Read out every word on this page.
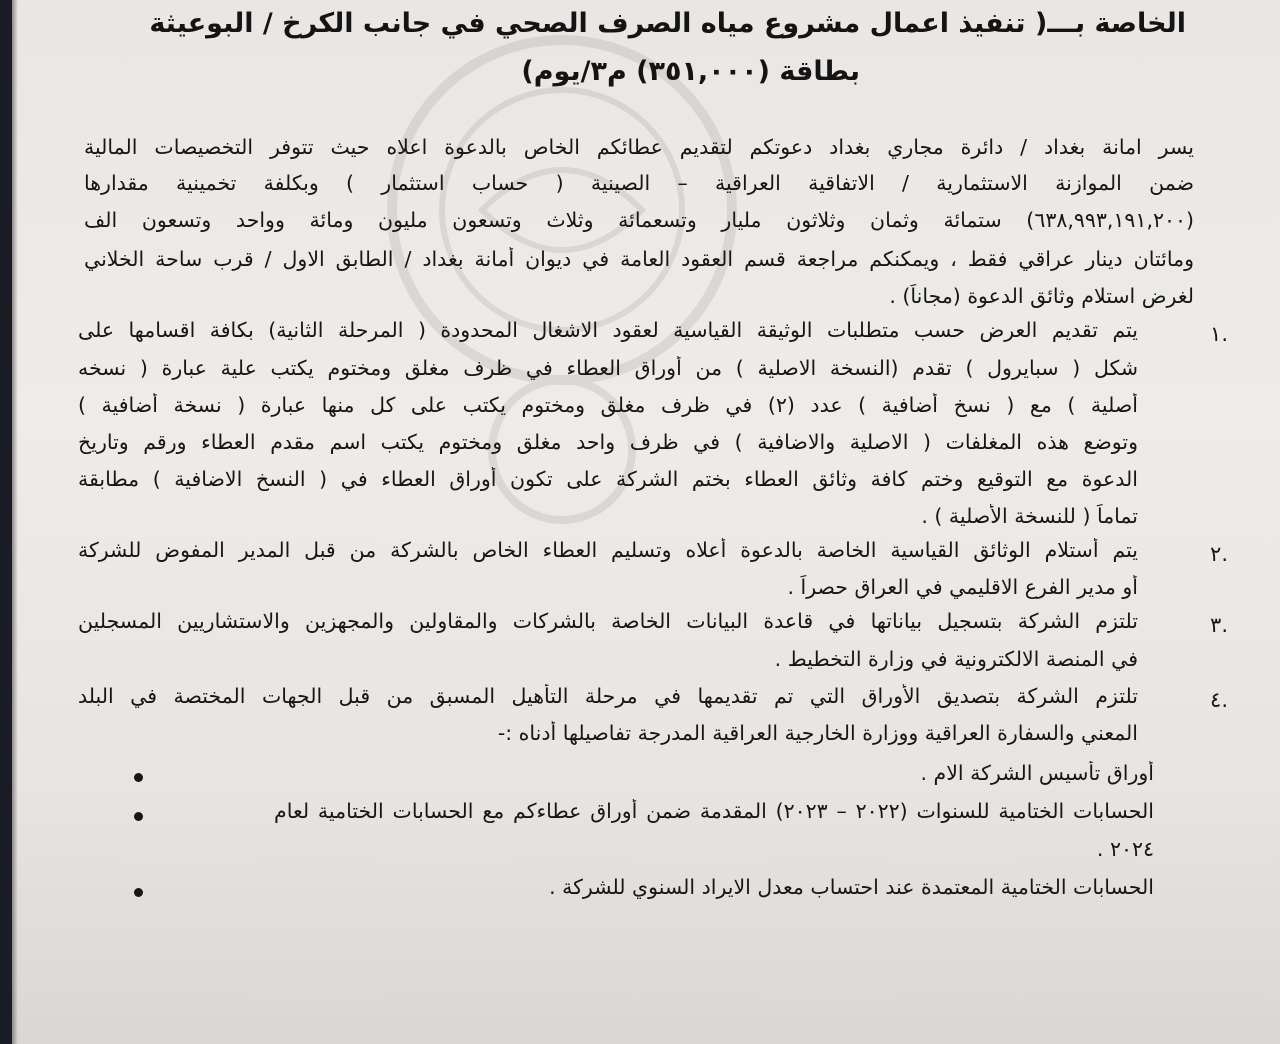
الخاصة بـــ( تنفيذ اعمال مشروع مياه الصرف الصحي في جانب الكرخ / البوعيثة
بطاقة (٣٥١,٠٠٠) م٣/يوم)
يسر امانة بغداد / دائرة مجاري بغداد دعوتكم لتقديم عطائكم الخاص بالدعوة اعلاه حيث تتوفر التخصيصات المالية
ضمن الموازنة الاستثمارية / الاتفاقية العراقية – الصينية ( حساب استثمار ) وبكلفة تخمينية مقدارها
(٦٣٨,٩٩٣,١٩١,٢٠٠) ستمائة وثمان وثلاثون مليار وتسعمائة وثلاث وتسعون مليون ومائة وواحد وتسعون الف
ومائتان دينار عراقي فقط ، ويمكنكم مراجعة قسم العقود العامة في ديوان أمانة بغداد / الطابق الاول / قرب ساحة الخلاني
لغرض استلام وثائق الدعوة (مجاناً) .
١.
يتم تقديم العرض حسب متطلبات الوثيقة القياسية لعقود الاشغال المحدودة ( المرحلة الثانية) بكافة اقسامها على
شكل ( سبايرول ) تقدم (النسخة الاصلية ) من أوراق العطاء في ظرف مغلق ومختوم يكتب علية عبارة ( نسخه
أصلية ) مع ( نسخ أضافية ) عدد (٢) في ظرف مغلق ومختوم يكتب على كل منها عبارة ( نسخة أضافية )
وتوضع هذه المغلفات ( الاصلية والاضافية ) في ظرف واحد مغلق ومختوم يكتب اسم مقدم العطاء ورقم وتاريخ
الدعوة مع التوقيع وختم كافة وثائق العطاء بختم الشركة على تكون أوراق العطاء في ( النسخ الاضافية ) مطابقة
تماماً ( للنسخة الأصلية ) .
٢.
يتم أستلام الوثائق القياسية الخاصة بالدعوة أعلاه وتسليم العطاء الخاص بالشركة من قبل المدير المفوض للشركة
أو مدير الفرع الاقليمي في العراق حصراً .
٣.
تلتزم الشركة بتسجيل بياناتها في قاعدة البيانات الخاصة بالشركات والمقاولين والمجهزين والاستشاريين المسجلين
في المنصة الالكترونية في وزارة التخطيط .
٤.
تلتزم الشركة بتصديق الأوراق التي تم تقديمها في مرحلة التأهيل المسبق من قبل الجهات المختصة في البلد
المعني والسفارة العراقية ووزارة الخارجية العراقية المدرجة تفاصيلها أدناه :-
أوراق تأسيس الشركة الام .
الحسابات الختامية للسنوات (٢٠٢٢ – ٢٠٢٣) المقدمة ضمن أوراق عطاءكم مع الحسابات الختامية لعام
٢٠٢٤ .
الحسابات الختامية المعتمدة عند احتساب معدل الايراد السنوي للشركة .
